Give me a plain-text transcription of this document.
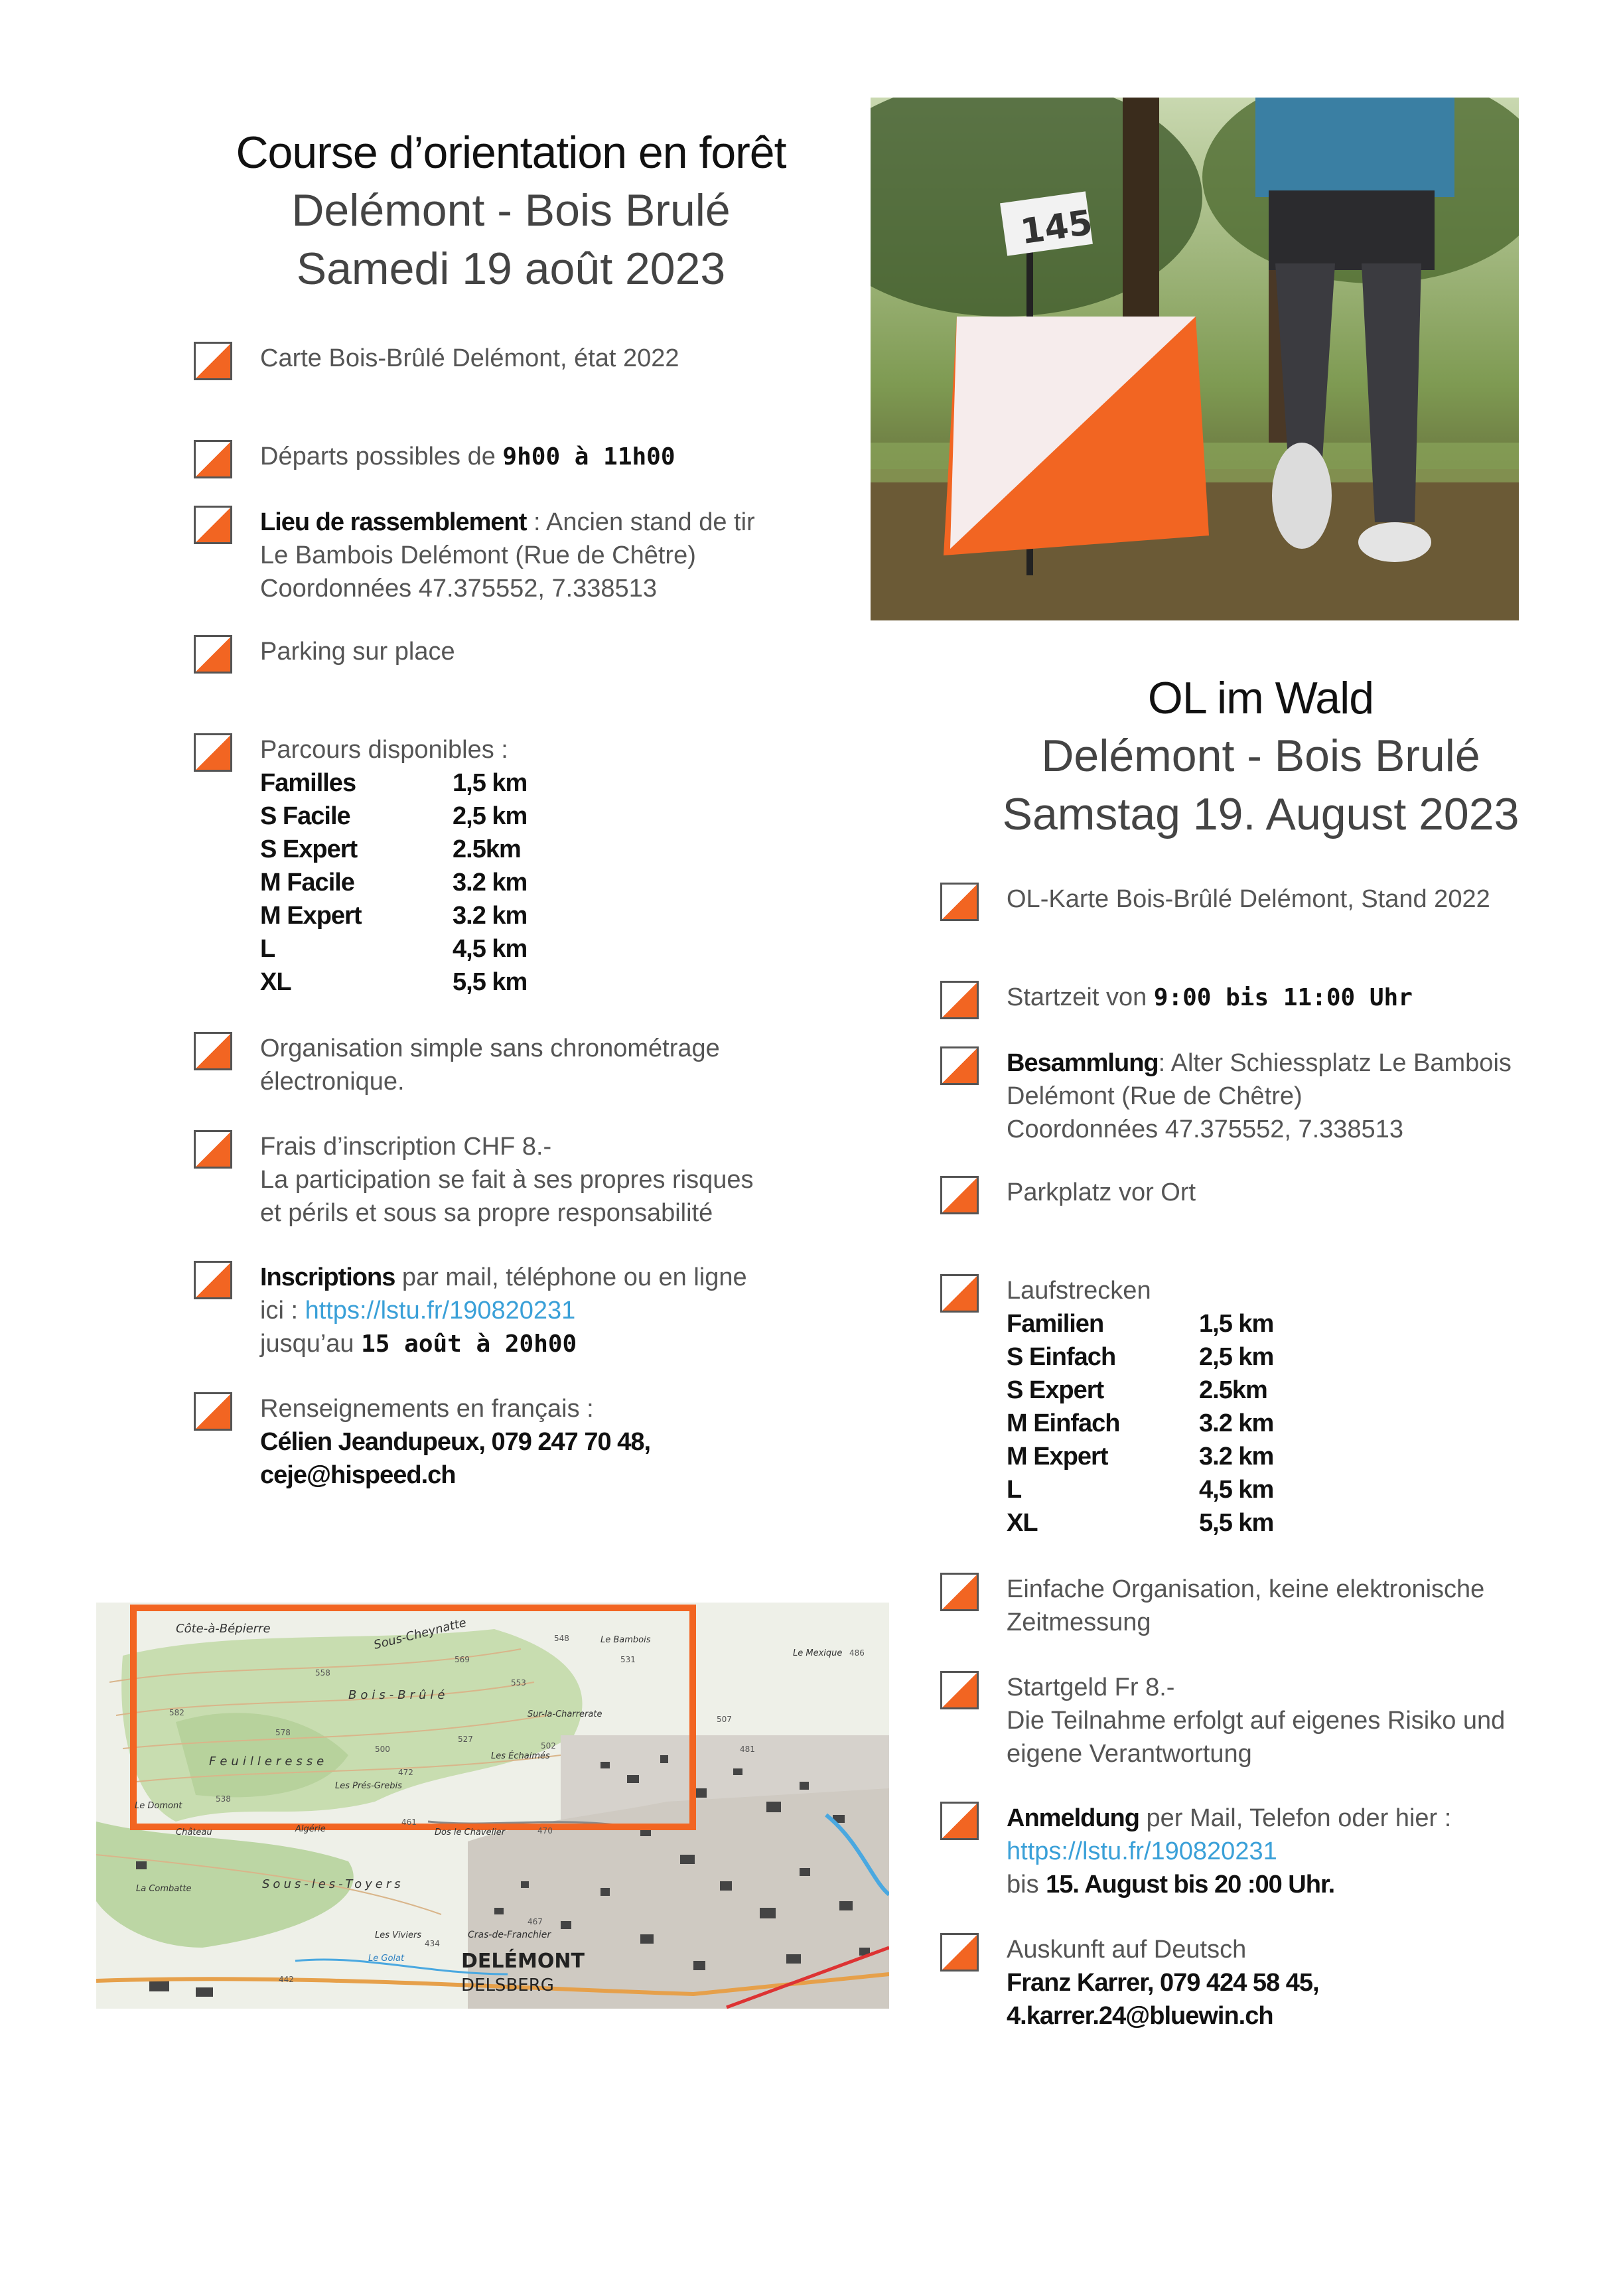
Course d’orientation en forêt
Delémont - Bois Brulé
Samedi 19 août 2023
Carte Bois-Brûlé Delémont, état 2022
Départs possibles de 9h00 à 11h00
Lieu de rassemblement : Ancien stand de tir
Le Bambois Delémont (Rue de Chêtre)
Coordonnées 47.375552, 7.338513
Parking sur place
Parcours disponibles :
Familles	1,5 km
S Facile	2,5 km
S Expert	2.5km
M Facile	3.2 km
M Expert	3.2 km
L	4,5 km
XL	5,5 km
Organisation simple sans chronométrage
électronique.
Frais d’inscription CHF 8.-
La participation se fait à ses propres risques
et périls et sous sa propre responsabilité
Inscriptions par mail, téléphone ou en ligne
ici : https://lstu.fr/190820231
jusqu’au 15 août à 20h00
Renseignements en français :
Célien Jeandupeux, 079 247 70 48,
ceje@hispeed.ch
145
OL im Wald
Delémont - Bois Brulé
Samstag 19. August 2023
OL-Karte Bois-Brûlé Delémont, Stand 2022
Startzeit von 9:00 bis 11:00 Uhr
Besammlung: Alter Schiessplatz Le Bambois
Delémont (Rue de Chêtre)
Coordonnées 47.375552, 7.338513
Parkplatz vor Ort
Laufstrecken
Familien	1,5 km
S Einfach	2,5 km
S Expert	2.5km
M Einfach	3.2 km
M Expert	3.2 km
L	4,5 km
XL	5,5 km
Einfache Organisation, keine elektronische
Zeitmessung
Startgeld Fr 8.-
Die Teilnahme erfolgt auf eigenes Risiko und
eigene Verantwortung
Anmeldung per Mail, Telefon oder hier :
https://lstu.fr/190820231
bis 15. August bis 20 :00 Uhr.
Auskunft auf Deutsch
Franz Karrer, 079 424 58 45,
4.karrer.24@bluewin.ch
Côte-à-Bépierre	Sous-Cheynatte
Bois-Brûlé
Feuilleresse
Les Prés-Grebis
Sur-la-Charrerate
Les Échaimés
Le Domont
Château	Algérie	Dos le Chavelier
Sous-les-Toyers
La Combatte
Les Viviers	Cras-de-Franchier
Le Golat
Le Bambois
Le Mexique
DELÉMONT
DELSBERG
548
569
558
553
578
582
527
500
472
502
461
507
481
538
470
467
442
434
531
486
